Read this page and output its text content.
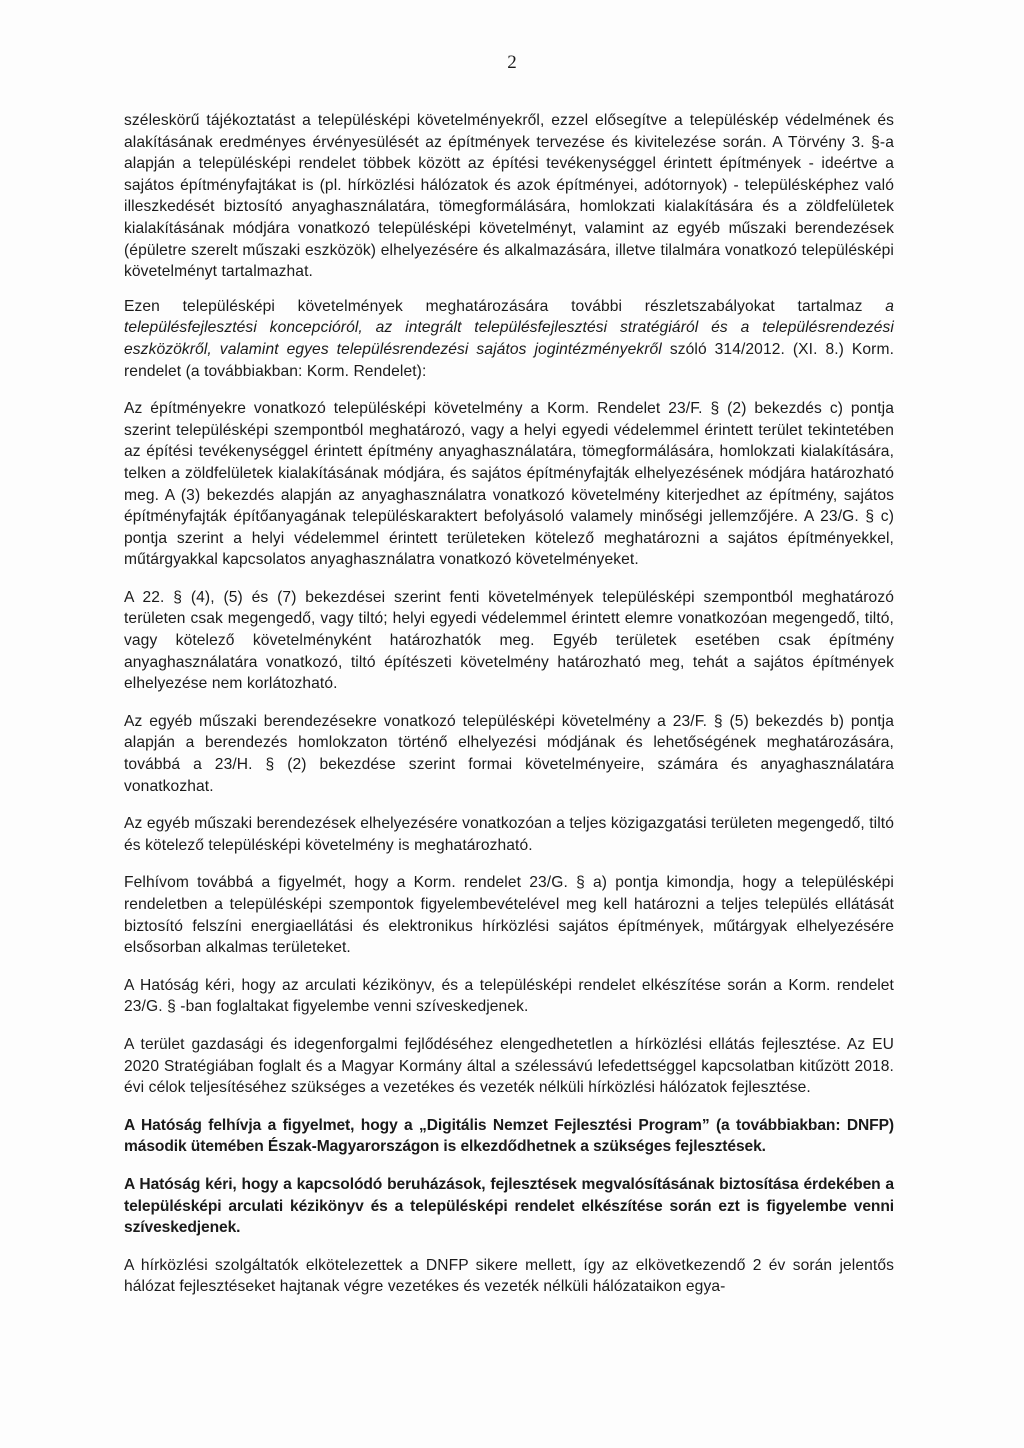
2

széleskörű tájékoztatást a településképi követelményekről, ezzel elősegítve a településkép védelmének és alakításának eredményes érvényesülését az építmények tervezése és kivitelezése során. A Törvény 3. §-a alapján a településképi rendelet többek között az építési tevékenységgel érintett építmények - ideértve a sajátos építményfajtákat is (pl. hírközlési hálózatok és azok építményei, adótornyok) - településképhez való illeszkedését biztosító anyaghasználatára, tömegformálására, homlokzati kialakítására és a zöldfelületek kialakításának módjára vonatkozó településképi követelményt, valamint az egyéb műszaki berendezések (épületre szerelt műszaki eszközök) elhelyezésére és alkalmazására, illetve tilalmára vonatkozó településképi követelményt tartalmazhat.

Ezen településképi követelmények meghatározására további részletszabályokat tartalmaz a településfejlesztési koncepcióról, az integrált településfejlesztési stratégiáról és a településrendezési eszközökről, valamint egyes településrendezési sajátos jogintézményekről szóló 314/2012. (XI. 8.) Korm. rendelet (a továbbiakban: Korm. Rendelet):

Az építményekre vonatkozó településképi követelmény a Korm. Rendelet 23/F. § (2) bekezdés c) pontja szerint településképi szempontból meghatározó, vagy a helyi egyedi védelemmel érintett terület tekintetében az építési tevékenységgel érintett építmény anyaghasználatára, tömegformálására, homlokzati kialakítására, telken a zöldfelületek kialakításának módjára, és sajátos építményfajták elhelyezésének módjára határozható meg. A (3) bekezdés alapján az anyaghasználatra vonatkozó követelmény kiterjedhet az építmény, sajátos építményfajták építőanyagának településkaraktert befolyásoló valamely minőségi jellemzőjére. A 23/G. § c) pontja szerint a helyi védelemmel érintett területeken kötelező meghatározni a sajátos építményekkel, műtárgyakkal kapcsolatos anyaghasználatra vonatkozó követelményeket.

A 22. § (4), (5) és (7) bekezdései szerint fenti követelmények településképi szempontból meghatározó területen csak megengedő, vagy tiltó; helyi egyedi védelemmel érintett elemre vonatkozóan megengedő, tiltó, vagy kötelező követelményként határozhatók meg. Egyéb területek esetében csak építmény anyaghasználatára vonatkozó, tiltó építészeti követelmény határozható meg, tehát a sajátos építmények elhelyezése nem korlátozható.

Az egyéb műszaki berendezésekre vonatkozó településképi követelmény a 23/F. § (5) bekezdés b) pontja alapján a berendezés homlokzaton történő elhelyezési módjának és lehetőségének meghatározására, továbbá a 23/H. § (2) bekezdése szerint formai követelményeire, számára és anyaghasználatára vonatkozhat.

Az egyéb műszaki berendezések elhelyezésére vonatkozóan a teljes közigazgatási területen megengedő, tiltó és kötelező településképi követelmény is meghatározható.

Felhívom továbbá a figyelmét, hogy a Korm. rendelet 23/G. § a) pontja kimondja, hogy a településképi rendeletben a településképi szempontok figyelembevételével meg kell határozni a teljes település ellátását biztosító felszíni energiaellátási és elektronikus hírközlési sajátos építmények, műtárgyak elhelyezésére elsősorban alkalmas területeket.

A Hatóság kéri, hogy az arculati kézikönyv, és a településképi rendelet elkészítése során a Korm. rendelet 23/G. § -ban foglaltakat figyelembe venni szíveskedjenek.

A terület gazdasági és idegenforgalmi fejlődéséhez elengedhetetlen a hírközlési ellátás fejlesztése. Az EU 2020 Stratégiában foglalt és a Magyar Kormány által a szélessávú lefedettséggel kapcsolatban kitűzött 2018. évi célok teljesítéséhez szükséges a vezetékes és vezeték nélküli hírközlési hálózatok fejlesztése.

A Hatóság felhívja a figyelmet, hogy a „Digitális Nemzet Fejlesztési Program” (a továbbiakban: DNFP) második ütemében Észak-Magyarországon is elkezdődhetnek a szükséges fejlesztések.

A Hatóság kéri, hogy a kapcsolódó beruházások, fejlesztések megvalósításának biztosítása érdekében a településképi arculati kézikönyv és a településképi rendelet elkészítése során ezt is figyelembe venni szíveskedjenek.

A hírközlési szolgáltatók elkötelezettek a DNFP sikere mellett, így az elkövetkezendő 2 év során jelentős hálózat fejlesztéseket hajtanak végre vezetékes és vezeték nélküli hálózataikon egya-
